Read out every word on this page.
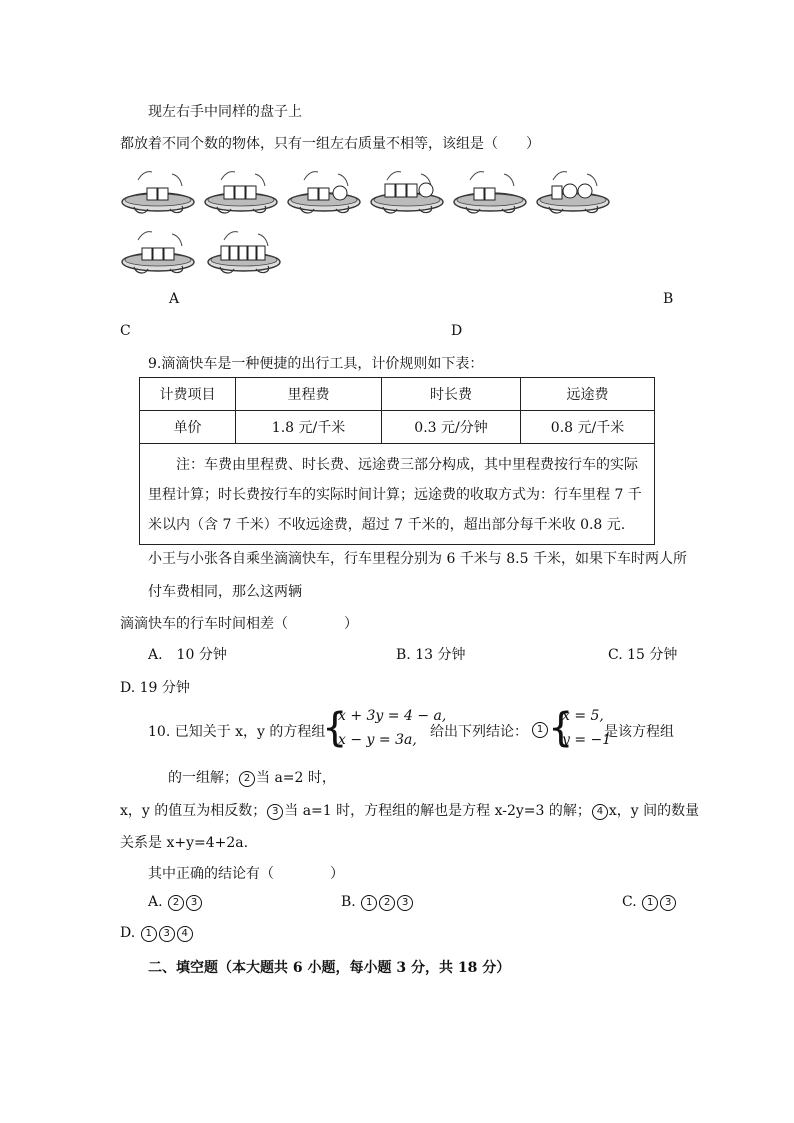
现左右手中同样的盘子上
都放着不同个数的物体，只有一组左右质量不相等，该组是（　　）
A	B
C	D
9.滴滴快车是一种便捷的出行工具，计价规则如下表：
计费项目	里程费	时长费	远途费
单价	1.8 元/千米	0.3 元/分钟	0.8 元/千米
注：车费由里程费、时长费、远途费三部分构成，其中里程费按行车的实际里程计算；时长费按行车的实际时间计算；远途费的收取方式为：行车里程 7 千米以内（含 7 千米）不收远途费，超过 7 千米的，超出部分每千米收 0.8 元.			
小王与小张各自乘坐滴滴快车，行车里程分别为 6 千米与 8.5 千米，如果下车时两人所
付车费相同，那么这两辆
滴滴快车的行车时间相差（　　　　）
A.　10 分钟	B. 13 分钟	C. 15 分钟
D. 19 分钟
10. 已知关于 x，y 的方程组
{
x + 3y = 4 − a,
x − y = 3a, 给出下列结论： 1 {
x = 5,
y = −1
是该方程组
的一组解； 2 当 a=2 时，
x，y 的值互为相反数； 3 当 a=1 时，方程组的解也是方程 x-2y=3 的解； 4 x，y 间的数量
关系是 x+y=4+2a.
其中正确的结论有（　　　　）
A. 2 3	B. 1 2 3	C. 1 3
D. 1 3 4
二、填空题（本大题共 6 小题，每小题 3 分，共 18 分）
